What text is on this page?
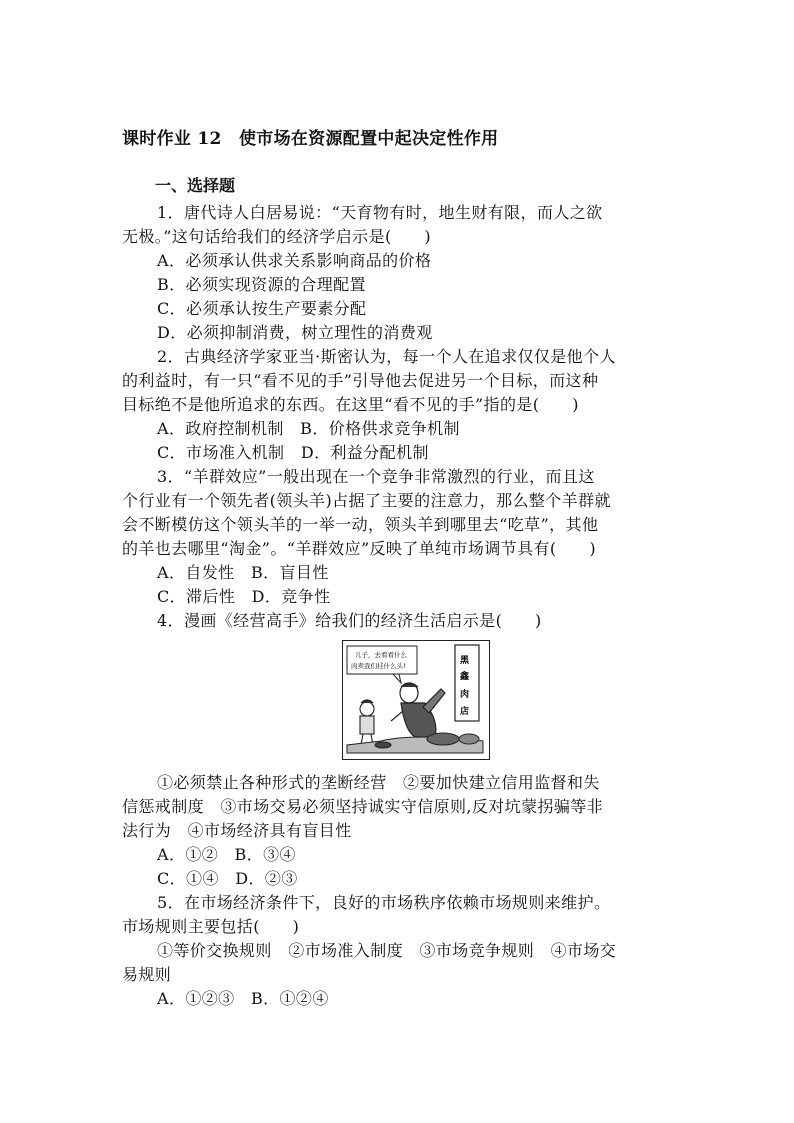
课时作业 12　使市场在资源配置中起决定性作用
一、选择题
1．唐代诗人白居易说：“天育物有时，地生财有限，而人之欲
无极。”这句话给我们的经济学启示是(　　)
A．必须承认供求关系影响商品的价格
B．必须实现资源的合理配置
C．必须承认按生产要素分配
D．必须抑制消费，树立理性的消费观
2．古典经济学家亚当·斯密认为，每一个人在追求仅仅是他个人
的利益时，有一只“看不见的手”引导他去促进另一个目标，而这种
目标绝不是他所追求的东西。在这里“看不见的手”指的是(　　)
A．政府控制机制　B．价格供求竞争机制
C．市场准入机制　D．利益分配机制
3．“羊群效应”一般出现在一个竞争非常激烈的行业，而且这
个行业有一个领先者(领头羊)占据了主要的注意力，那么整个羊群就
会不断模仿这个领头羊的一举一动，领头羊到哪里去“吃草”，其他
的羊也去哪里“淘金”。“羊群效应”反映了单纯市场调节具有(　　)
A．自发性　B．盲目性
C．滞后性　D．竞争性
4．漫画《经营高手》给我们的经济生活启示是(　　)
儿子，去看看什么
肉卖我们挂什么头!	黑
鑫
肉
店
①必须禁止各种形式的垄断经营　②要加快建立信用监督和失
信惩戒制度　③市场交易必须坚持诚实守信原则,反对坑蒙拐骗等非
法行为　④市场经济具有盲目性
A．①②　B．③④
C．①④　D．②③
5．在市场经济条件下，良好的市场秩序依赖市场规则来维护。
市场规则主要包括(　　)
①等价交换规则　②市场准入制度　③市场竞争规则　④市场交
易规则
A．①②③　B．①②④
